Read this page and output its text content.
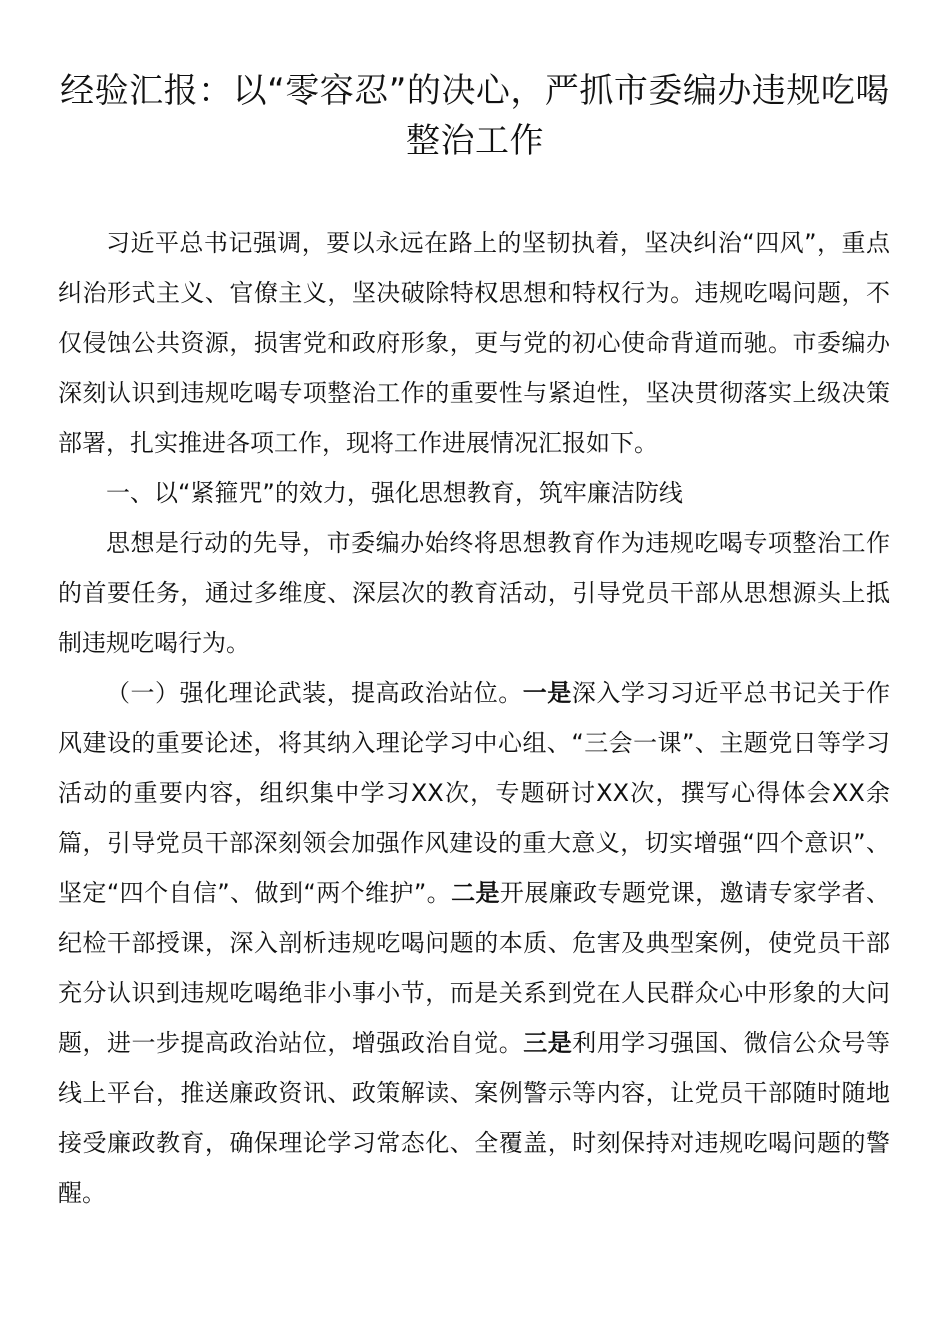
经验汇报：以“零容忍”的决心，严抓市委编办违规吃喝整治工作

习近平总书记强调，要以永远在路上的坚韧执着，坚决纠治“四风”，重点纠治形式主义、官僚主义，坚决破除特权思想和特权行为。违规吃喝问题，不仅侵蚀公共资源，损害党和政府形象，更与党的初心使命背道而驰。市委编办深刻认识到违规吃喝专项整治工作的重要性与紧迫性，坚决贯彻落实上级决策部署，扎实推进各项工作，现将工作进展情况汇报如下。

一、以“紧箍咒”的效力，强化思想教育，筑牢廉洁防线

思想是行动的先导，市委编办始终将思想教育作为违规吃喝专项整治工作的首要任务，通过多维度、深层次的教育活动，引导党员干部从思想源头上抵制违规吃喝行为。

（一）强化理论武装，提高政治站位。一是深入学习习近平总书记关于作风建设的重要论述，将其纳入理论学习中心组、“三会一课”、主题党日等学习活动的重要内容，组织集中学习XX次，专题研讨XX次，撰写心得体会XX余篇，引导党员干部深刻领会加强作风建设的重大意义，切实增强“四个意识”、坚定“四个自信”、做到“两个维护”。二是开展廉政专题党课，邀请专家学者、纪检干部授课，深入剖析违规吃喝问题的本质、危害及典型案例，使党员干部充分认识到违规吃喝绝非小事小节，而是关系到党在人民群众心中形象的大问题，进一步提高政治站位，增强政治自觉。三是利用学习强国、微信公众号等线上平台，推送廉政资讯、政策解读、案例警示等内容，让党员干部随时随地接受廉政教育，确保理论学习常态化、全覆盖，时刻保持对违规吃喝问题的警醒。
